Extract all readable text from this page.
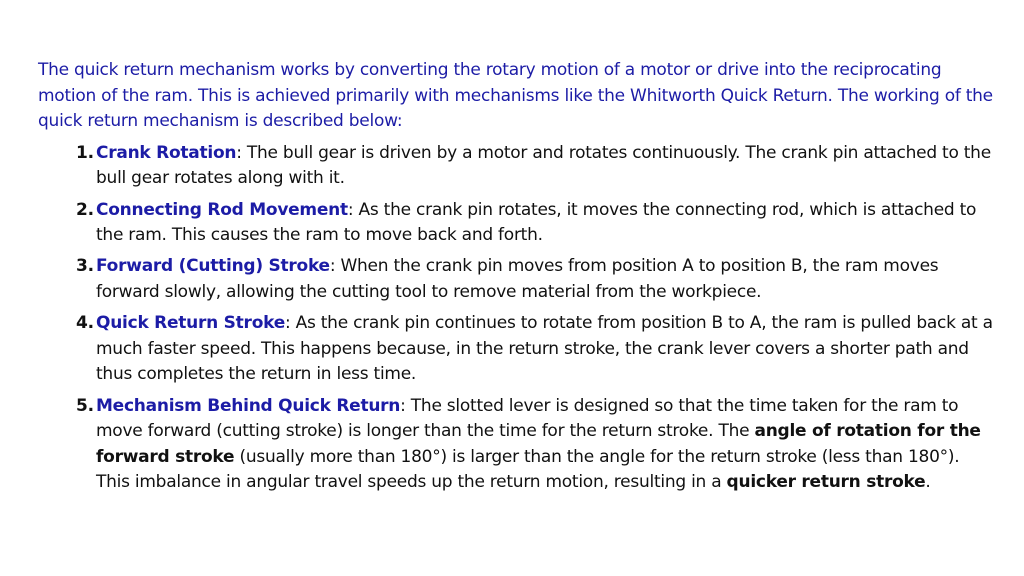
The quick return mechanism works by converting the rotary motion of a motor or drive into the reciprocating motion of the ram. This is achieved primarily with mechanisms like the Whitworth Quick Return. The working of the quick return mechanism is described below:

1. Crank Rotation: The bull gear is driven by a motor and rotates continuously. The crank pin attached to the bull gear rotates along with it.
2. Connecting Rod Movement: As the crank pin rotates, it moves the connecting rod, which is attached to the ram. This causes the ram to move back and forth.
3. Forward (Cutting) Stroke: When the crank pin moves from position A to position B, the ram moves forward slowly, allowing the cutting tool to remove material from the workpiece.
4. Quick Return Stroke: As the crank pin continues to rotate from position B to A, the ram is pulled back at a much faster speed. This happens because, in the return stroke, the crank lever covers a shorter path and thus completes the return in less time.
5. Mechanism Behind Quick Return: The slotted lever is designed so that the time taken for the ram to move forward (cutting stroke) is longer than the time for the return stroke. The angle of rotation for the forward stroke (usually more than 180°) is larger than the angle for the return stroke (less than 180°). This imbalance in angular travel speeds up the return motion, resulting in a quicker return stroke.
